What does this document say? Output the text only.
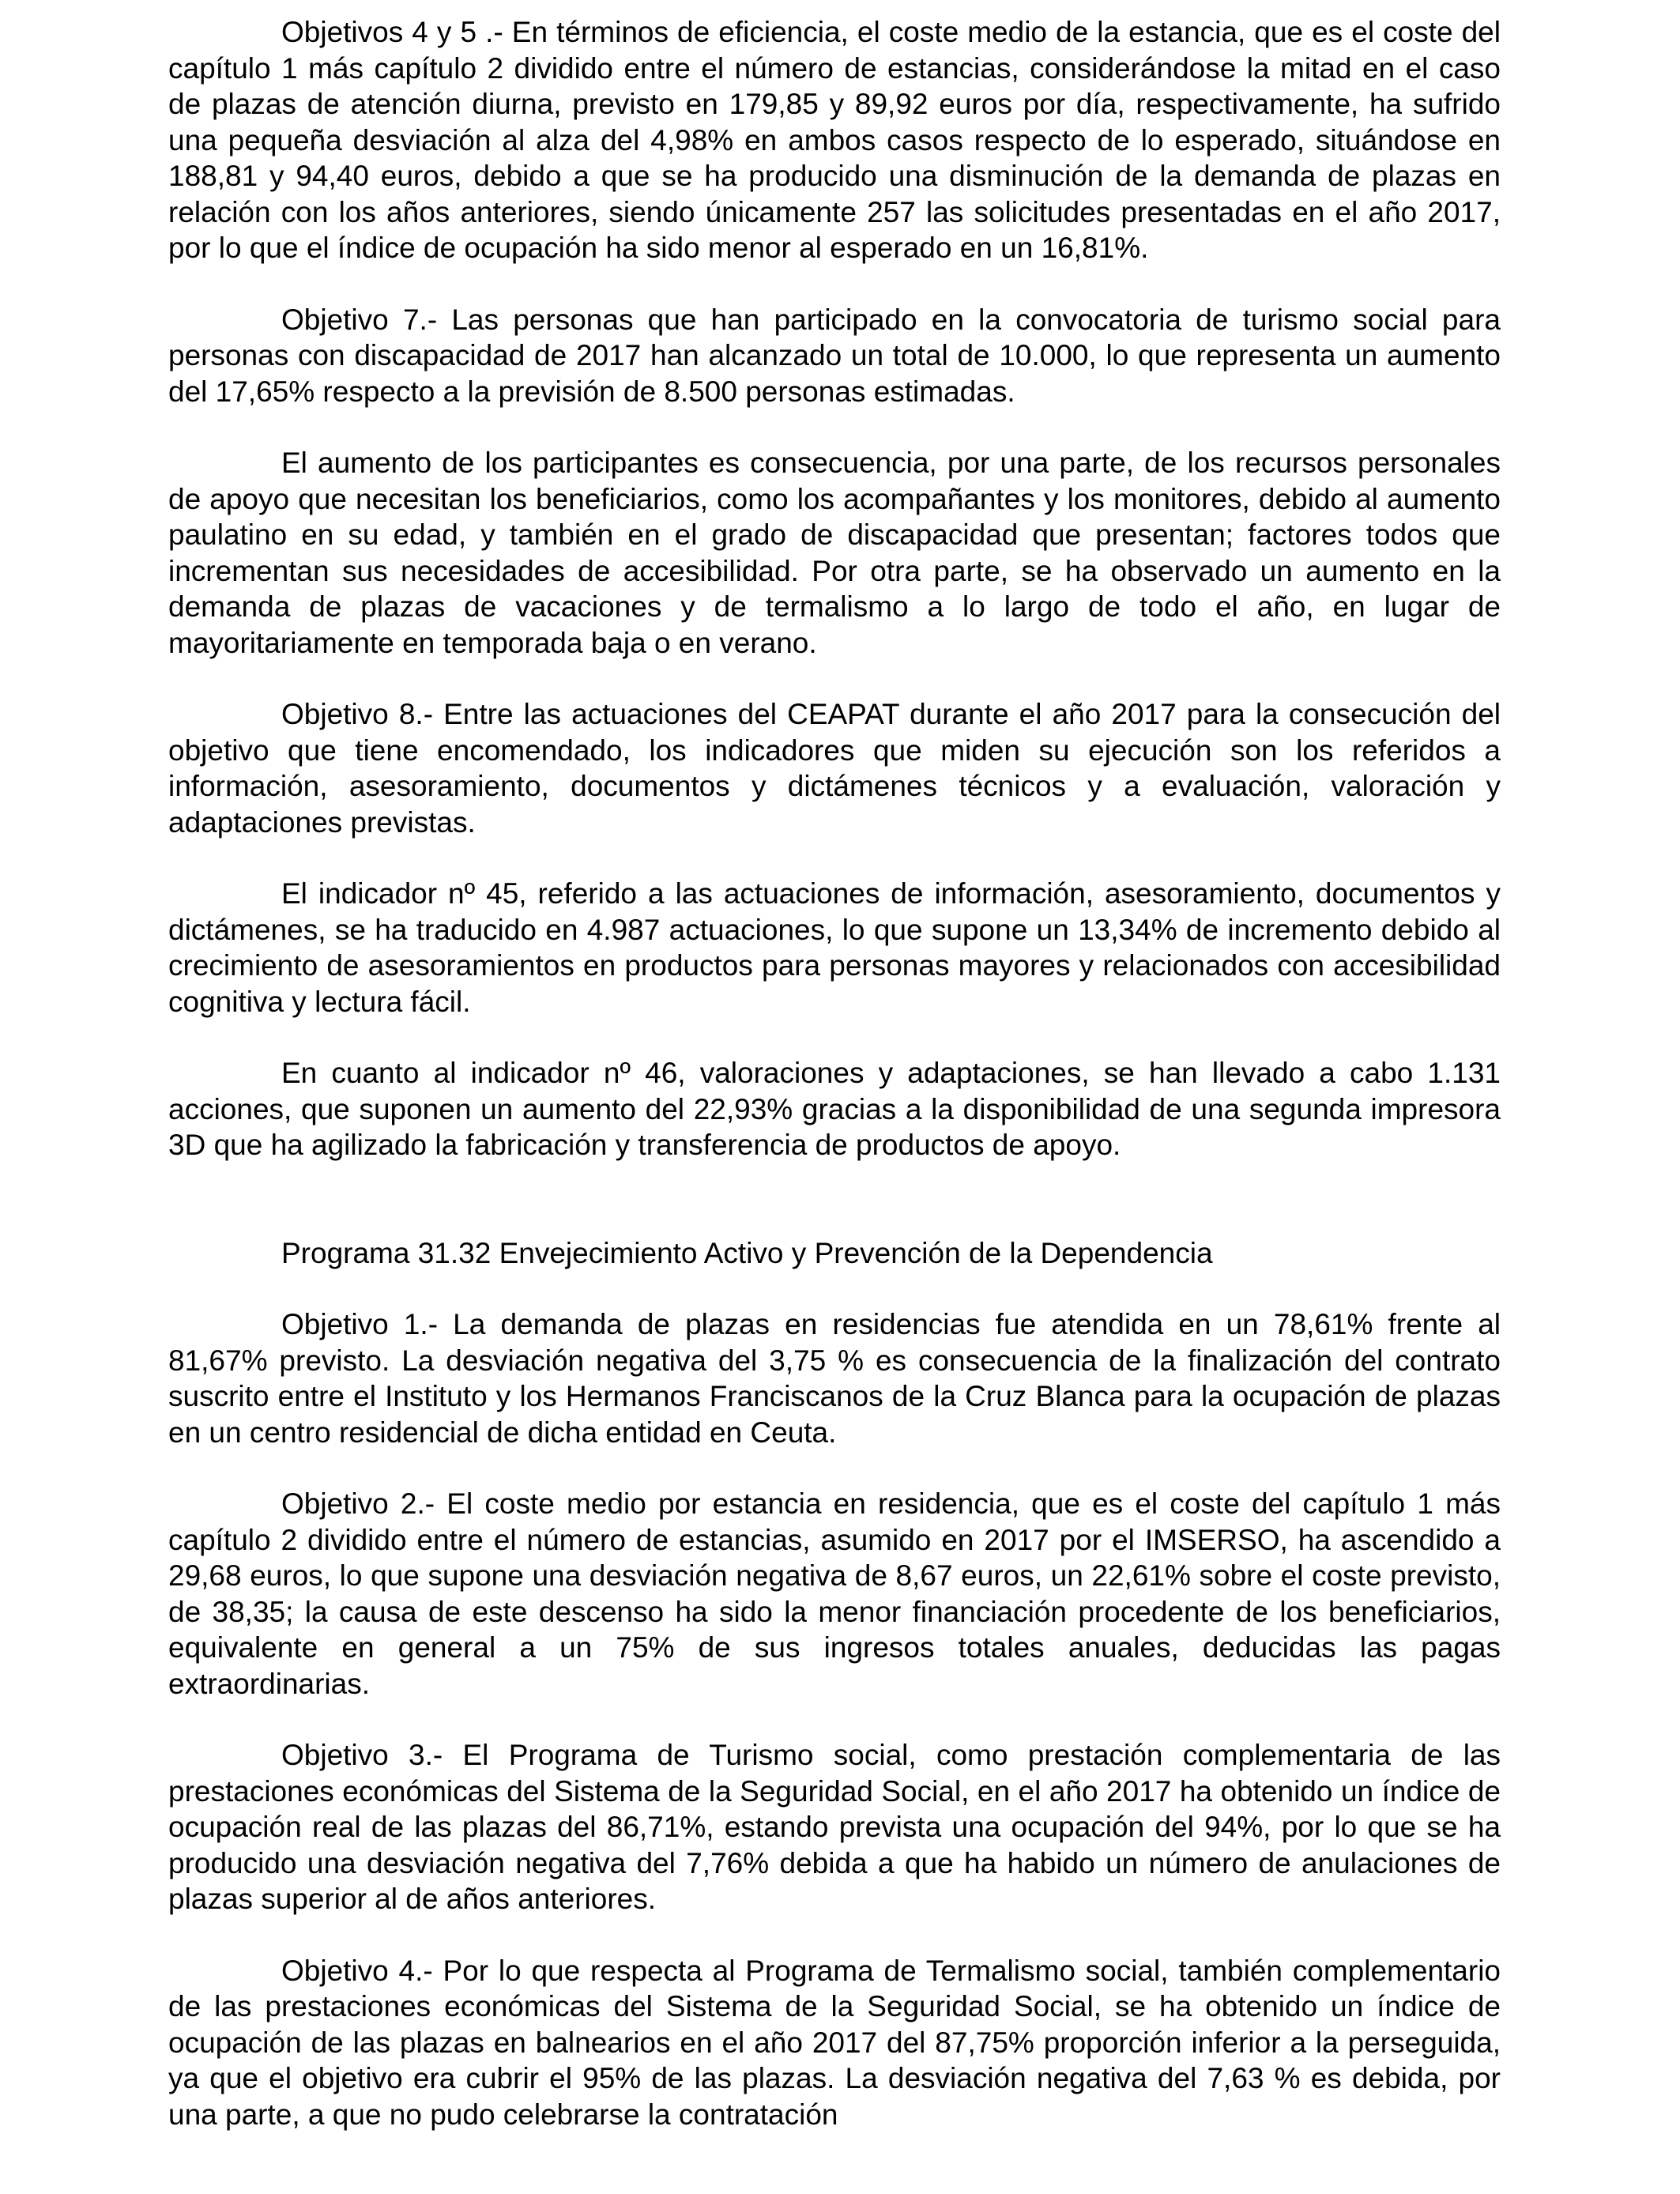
Objetivos 4 y 5 .- En términos de eficiencia, el coste medio de la estancia, que es el coste del capítulo 1 más capítulo 2 dividido entre el número de estancias, considerándose la mitad en el caso de plazas de atención diurna, previsto en 179,85 y 89,92 euros por día, respectivamente, ha sufrido una pequeña desviación al alza del 4,98% en ambos casos respecto de lo esperado, situándose en 188,81 y 94,40 euros, debido a que se ha producido una disminución de la demanda de plazas en relación con los años anteriores, siendo únicamente 257 las solicitudes presentadas en el año 2017, por lo que el índice de ocupación ha sido menor al esperado en un 16,81%.

Objetivo 7.- Las personas que han participado en la convocatoria de turismo social para personas con discapacidad de 2017 han alcanzado un total de 10.000, lo que representa un aumento del 17,65% respecto a la previsión de 8.500 personas estimadas.

El aumento de los participantes es consecuencia, por una parte, de los recursos personales de apoyo que necesitan los beneficiarios, como los acompañantes y los monitores, debido al aumento paulatino en su edad, y también en el grado de discapacidad que presentan; factores todos que incrementan sus necesidades de accesibilidad. Por otra parte, se ha observado un aumento en la demanda de plazas de vacaciones y de termalismo a lo largo de todo el año, en lugar de mayoritariamente en temporada baja o en verano.

Objetivo 8.- Entre las actuaciones del CEAPAT durante el año 2017 para la consecución del objetivo que tiene encomendado, los indicadores que miden su ejecución son los referidos a información, asesoramiento, documentos y dictámenes técnicos y a evaluación, valoración y adaptaciones previstas.

El indicador nº 45, referido a las actuaciones de información, asesoramiento, documentos y dictámenes, se ha traducido en 4.987 actuaciones, lo que supone un 13,34% de incremento debido al crecimiento de asesoramientos en productos para personas mayores y relacionados con accesibilidad cognitiva y lectura fácil.

En cuanto al indicador nº 46, valoraciones y adaptaciones, se han llevado a cabo 1.131 acciones, que suponen un aumento del 22,93% gracias a la disponibilidad de una segunda impresora 3D que ha agilizado la fabricación y transferencia de productos de apoyo.

Programa 31.32 Envejecimiento Activo y Prevención de la Dependencia

Objetivo 1.- La demanda de plazas en residencias fue atendida en un 78,61% frente al 81,67% previsto. La desviación negativa del 3,75 % es consecuencia de la finalización del contrato suscrito entre el Instituto y los Hermanos Franciscanos de la Cruz Blanca para la ocupación de plazas en un centro residencial de dicha entidad en Ceuta.

Objetivo 2.- El coste medio por estancia en residencia, que es el coste del capítulo 1 más capítulo 2 dividido entre el número de estancias, asumido en 2017 por el IMSERSO, ha ascendido a 29,68 euros, lo que supone una desviación negativa de 8,67 euros, un 22,61% sobre el coste previsto, de 38,35; la causa de este descenso ha sido la menor financiación procedente de los beneficiarios, equivalente en general a un 75% de sus ingresos totales anuales, deducidas las pagas extraordinarias.

Objetivo 3.- El Programa de Turismo social, como prestación complementaria de las prestaciones económicas del Sistema de la Seguridad Social, en el año 2017 ha obtenido un índice de ocupación real de las plazas del 86,71%, estando prevista una ocupación del 94%, por lo que se ha producido una desviación negativa del 7,76% debida a que ha habido un número de anulaciones de plazas superior al de años anteriores.

Objetivo 4.- Por lo que respecta al Programa de Termalismo social, también complementario de las prestaciones económicas del Sistema de la Seguridad Social, se ha obtenido un índice de ocupación de las plazas en balnearios en el año 2017 del 87,75% proporción inferior a la perseguida, ya que el objetivo era cubrir el 95% de las plazas. La desviación negativa del 7,63 % es debida, por una parte, a que no pudo celebrarse la contratación
